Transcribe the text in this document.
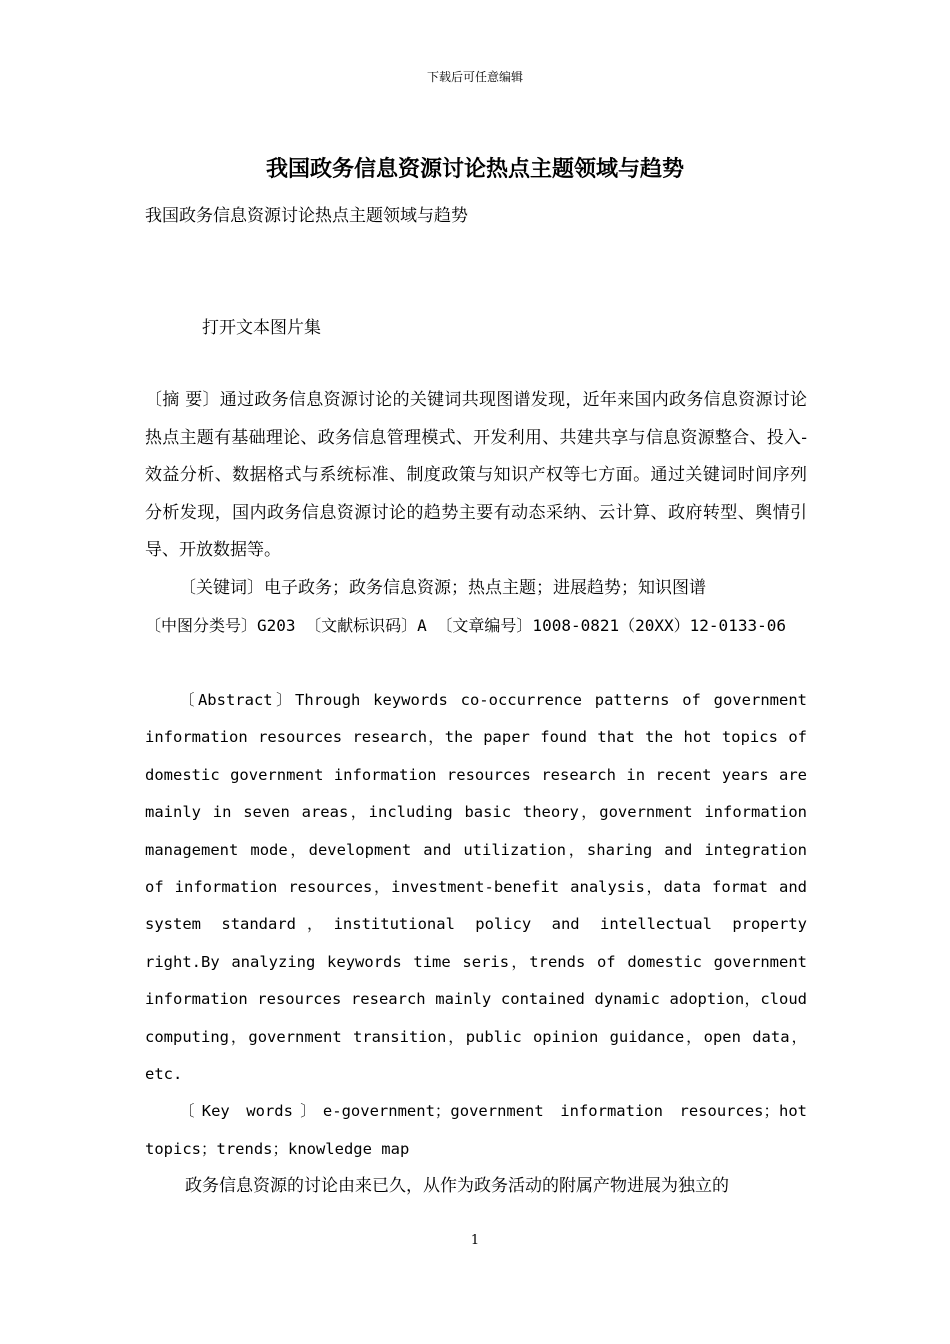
下载后可任意编辑
我国政务信息资源讨论热点主题领域与趋势

我国政务信息资源讨论热点主题领域与趋势

打开文本图片集

〔摘 要〕通过政务信息资源讨论的关键词共现图谱发现，近年来国内政务信息资源讨论热点主题有基础理论、政务信息管理模式、开发利用、共建共享与信息资源整合、投入-效益分析、数据格式与系统标准、制度政策与知识产权等七方面。通过关键词时间序列分析发现，国内政务信息资源讨论的趋势主要有动态采纳、云计算、政府转型、舆情引导、开放数据等。

〔关键词〕电子政务；政务信息资源；热点主题；进展趋势；知识图谱

〔中图分类号〕G203 〔文献标识码〕A 〔文章编号〕1008-0821（20XX）12-0133-06

〔Abstract〕Through keywords co-occurrence patterns of government information resources research，the paper found that the hot topics of domestic government information resources research in recent years are mainly in seven areas，including basic theory，government information management mode，development and utilization，sharing and integration of information resources，investment-benefit analysis，data format and system standard，institutional policy and intellectual property right.By analyzing keywords time seris，trends of domestic government information resources research mainly contained dynamic adoption，cloud computing，government transition，public opinion guidance，open data，etc.

〔Key words〕e-government；government information resources；hot topics；trends；knowledge map

政务信息资源的讨论由来已久，从作为政务活动的附属产物进展为独立的

1
